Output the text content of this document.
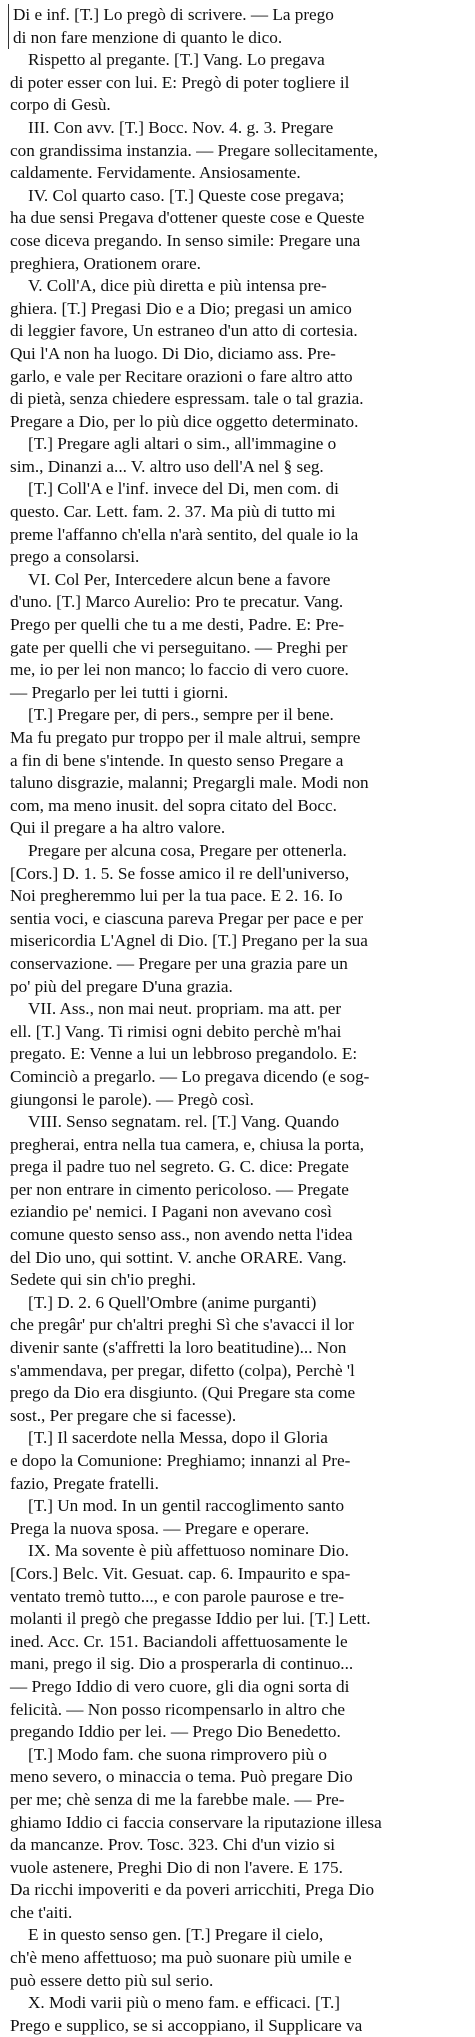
Di e inf. [T.] Lo pregò di scrivere. — La prego
di non fare menzione di quanto le dico.
Rispetto al pregante. [T.] Vang. Lo pregava
di poter esser con lui. E: Pregò di poter togliere il
corpo di Gesù.
III. Con avv. [T.] Bocc. Nov. 4. g. 3. Pregare
con grandissima instanzia. — Pregare sollecitamente,
caldamente. Fervidamente. Ansiosamente.
IV. Col quarto caso. [T.] Queste cose pregava;
ha due sensi Pregava d'ottener queste cose e Queste
cose diceva pregando. In senso simile: Pregare una
preghiera, Orationem orare.
V. Coll'A, dice più diretta e più intensa pre-
ghiera. [T.] Pregasi Dio e a Dio; pregasi un amico
di leggier favore, Un estraneo d'un atto di cortesia.
Qui l'A non ha luogo. Di Dio, diciamo ass. Pre-
garlo, e vale per Recitare orazioni o fare altro atto
di pietà, senza chiedere espressam. tale o tal grazia.
Pregare a Dio, per lo più dice oggetto determinato.
[T.] Pregare agli altari o sim., all'immagine o
sim., Dinanzi a... V. altro uso dell'A nel § seg.
[T.] Coll'A e l'inf. invece del Di, men com. di
questo. Car. Lett. fam. 2. 37. Ma più di tutto mi
preme l'affanno ch'ella n'arà sentito, del quale io la
prego a consolarsi.
VI. Col Per, Intercedere alcun bene a favore
d'uno. [T.] Marco Aurelio: Pro te precatur. Vang.
Prego per quelli che tu a me desti, Padre. E: Pre-
gate per quelli che vi perseguitano. — Preghi per
me, io per lei non manco; lo faccio di vero cuore.
— Pregarlo per lei tutti i giorni.
[T.] Pregare per, di pers., sempre per il bene.
Ma fu pregato pur troppo per il male altrui, sempre
a fin di bene s'intende. In questo senso Pregare a
taluno disgrazie, malanni; Pregargli male. Modi non
com, ma meno inusit. del sopra citato del Bocc.
Qui il pregare a ha altro valore.
Pregare per alcuna cosa, Pregare per ottenerla.
[Cors.] D. 1. 5. Se fosse amico il re dell'universo,
Noi pregheremmo lui per la tua pace. E 2. 16. Io
sentia voci, e ciascuna pareva Pregar per pace e per
misericordia L'Agnel di Dio. [T.] Pregano per la sua
conservazione. — Pregare per una grazia pare un
po' più del pregare D'una grazia.
VII. Ass., non mai neut. propriam. ma att. per
ell. [T.] Vang. Ti rimisi ogni debito perchè m'hai
pregato. E: Venne a lui un lebbroso pregandolo. E:
Cominciò a pregarlo. — Lo pregava dicendo (e sog-
giungonsi le parole). — Pregò così.
VIII. Senso segnatam. rel. [T.] Vang. Quando
pregherai, entra nella tua camera, e, chiusa la porta,
prega il padre tuo nel segreto. G. C. dice: Pregate
per non entrare in cimento pericoloso. — Pregate
eziandio pe' nemici. I Pagani non avevano così
comune questo senso ass., non avendo netta l'idea
del Dio uno, qui sottint. V. anche ORARE. Vang.
Sedete qui sin ch'io preghi.
[T.] D. 2. 6 Quell'Ombre (anime purganti)
che pregâr' pur ch'altri preghi Sì che s'avacci il lor
divenir sante (s'affretti la loro beatitudine)... Non
s'ammendava, per pregar, difetto (colpa), Perchè 'l
prego da Dio era disgiunto. (Qui Pregare sta come
sost., Per pregare che si facesse).
[T.] Il sacerdote nella Messa, dopo il Gloria
e dopo la Comunione: Preghiamo; innanzi al Pre-
fazio, Pregate fratelli.
[T.] Un mod. In un gentil raccoglimento santo
Prega la nuova sposa. — Pregare e operare.
IX. Ma sovente è più affettuoso nominare Dio.
[Cors.] Belc. Vit. Gesuat. cap. 6. Impaurito e spa-
ventato tremò tutto..., e con parole paurose e tre-
molanti il pregò che pregasse Iddio per lui. [T.] Lett.
ined. Acc. Cr. 151. Baciandoli affettuosamente le
mani, prego il sig. Dio a prosperarla di continuo...
— Prego Iddio di vero cuore, gli dia ogni sorta di
felicità. — Non posso ricompensarlo in altro che
pregando Iddio per lei. — Prego Dio Benedetto.
[T.] Modo fam. che suona rimprovero più o
meno severo, o minaccia o tema. Può pregare Dio
per me; chè senza di me la farebbe male. — Pre-
ghiamo Iddio ci faccia conservare la riputazione illesa
da mancanze. Prov. Tosc. 323. Chi d'un vizio si
vuole astenere, Preghi Dio di non l'avere. E 175.
Da ricchi impoveriti e da poveri arricchiti, Prega Dio
che t'aiti.
E in questo senso gen. [T.] Pregare il cielo,
ch'è meno affettuoso; ma può suonare più umile e
può essere detto più sul serio.
X. Modi varii più o meno fam. e efficaci. [T.]
Prego e supplico, se si accoppiano, il Supplicare va
